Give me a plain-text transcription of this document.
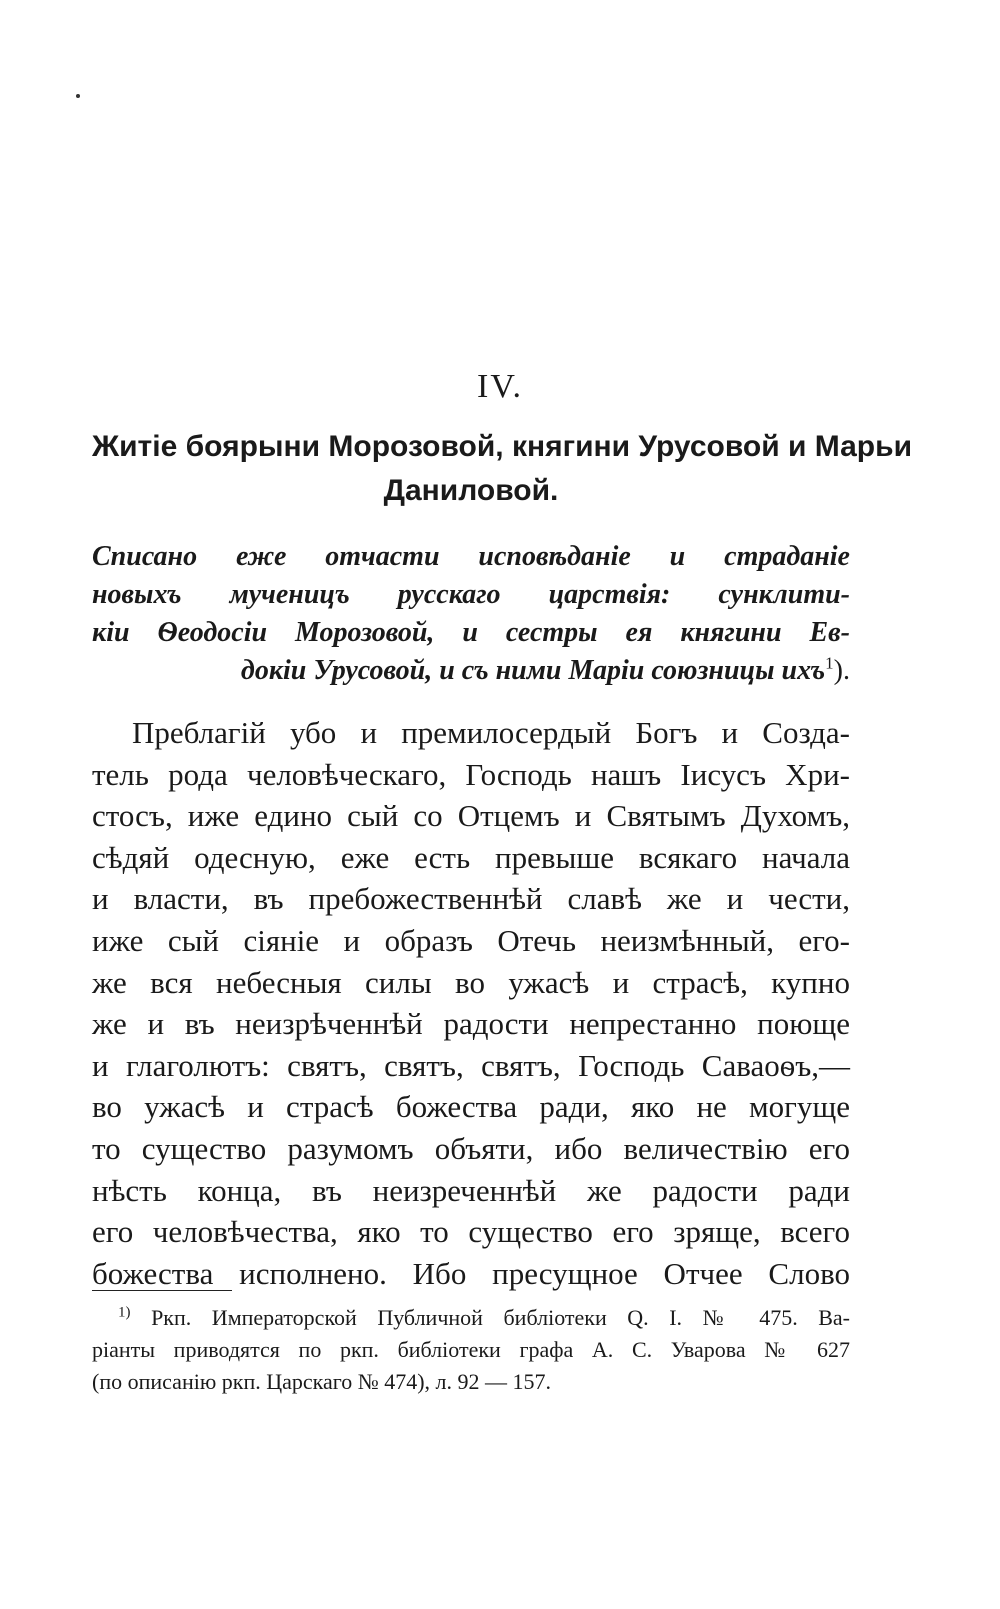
IV.
Житіе боярыни Морозовой, княгини Урусовой и Марьи
Даниловой.
Списано еже отчасти исповѣданіе и страданіе
новыхъ мученицъ русскаго царствія: сунклити-
кіи Ѳеодосіи Морозовой, и сестры ея княгини Ев-
докіи Урусовой, и съ ними Маріи союзницы ихъ$^1$).
Преблагій убо и премилосердый Богъ и Созда-
тель рода человѣческаго, Господь нашъ Іисусъ Хри-
стосъ, иже едино сый со Отцемъ и Святымъ Духомъ,
сѣдяй одесную, еже есть превыше всякаго начала
и власти, въ пребожественнѣй славѣ же и чести,
иже сый сіяніе и образъ Отечь неизмѣнный, его-
же вся небесныя силы во ужасѣ и страсѣ, купно
же и въ неизрѣченнѣй радости непрестанно поюще
и глаголютъ: святъ, святъ, святъ, Господь Саваоѳъ,—
во ужасѣ и страсѣ божества ради, яко не могуще
то существо разумомъ объяти, ибо величествію его
нѣсть конца, въ неизреченнѣй же радости ради
его человѣчества, яко то существо его зряще, всего
божества исполнено. Ибо пресущное Отчее Слово
$^{1)}$ Ркп. Императорской Публичной библіотеки Q. I. № 475. Ва-
ріанты приводятся по ркп. библіотеки графа А. С. Уварова № 627
(по описанію ркп. Царскаго № 474), л. 92 — 157.
